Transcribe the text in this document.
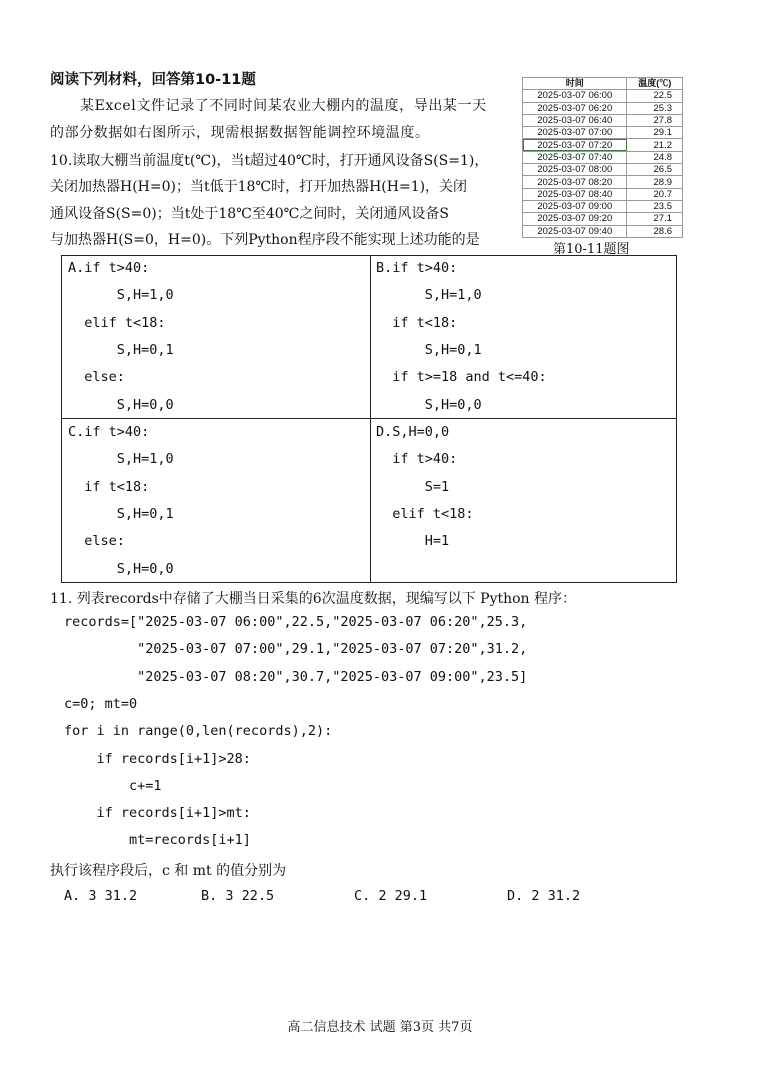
阅读下列材料，回答第10-11题
某Excel文件记录了不同时间某农业大棚内的温度，导出某一天
的部分数据如右图所示，现需根据数据智能调控环境温度。
时间	温度(℃)
2025-03-07 06:00	22.5
2025-03-07 06:20	25.3
2025-03-07 06:40	27.8
2025-03-07 07:00	29.1
2025-03-07 07:20	21.2
2025-03-07 07:40	24.8
2025-03-07 08:00	26.5
2025-03-07 08:20	28.9
2025-03-07 08:40	20.7
2025-03-07 09:00	23.5
2025-03-07 09:20	27.1
2025-03-07 09:40	28.6
第10-11题图
10.读取大棚当前温度t(℃)，当t超过40℃时，打开通风设备S(S=1)，
关闭加热器H(H=0)；当t低于18℃时，打开加热器H(H=1)，关闭
通风设备S(S=0)；当t处于18℃至40℃之间时，关闭通风设备S
与加热器H(S=0，H=0)。下列Python程序段不能实现上述功能的是
A.if t>40:
S,H=1,0
elif t<18:
S,H=0,1
else:
S,H=0,0
B.if t>40:
S,H=1,0
if t<18:
S,H=0,1
if t>=18 and t<=40:
S,H=0,0
C.if t>40:
S,H=1,0
if t<18:
S,H=0,1
else:
S,H=0,0
D.S,H=0,0
if t>40:
S=1
elif t<18:
H=1
11. 列表records中存储了大棚当日采集的6次温度数据，现编写以下 Python 程序：
records=["2025-03-07 06:00",22.5,"2025-03-07 06:20",25.3,
"2025-03-07 07:00",29.1,"2025-03-07 07:20",31.2,
"2025-03-07 08:20",30.7,"2025-03-07 09:00",23.5]
c=0; mt=0
for i in range(0,len(records),2):
if records[i+1]>28:
c+=1
if records[i+1]>mt:
mt=records[i+1]
执行该程序段后，c 和 mt 的值分别为
A. 3 31.2	B. 3 22.5	C. 2 29.1	D. 2 31.2
高二信息技术 试题 第3页 共7页
